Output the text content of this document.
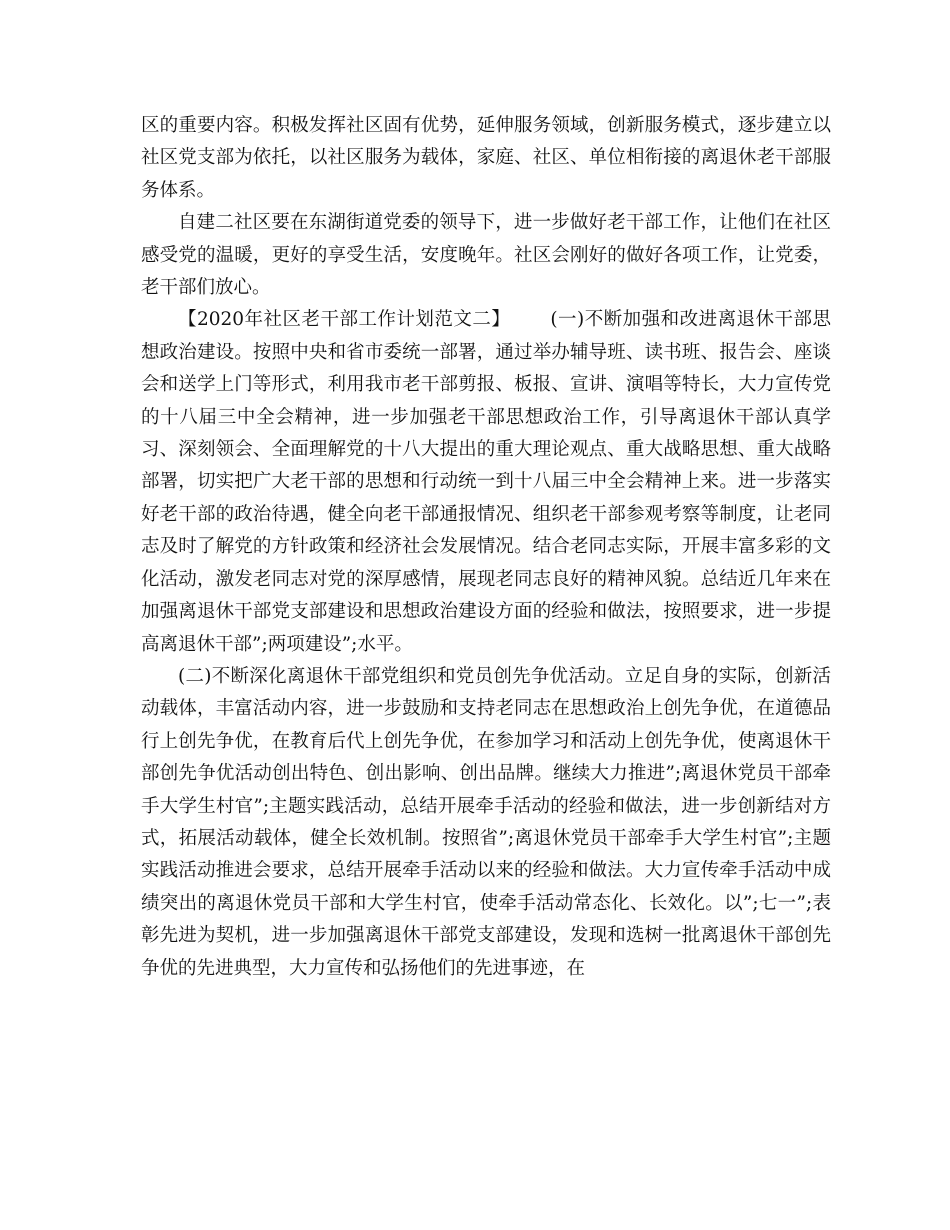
区的重要内容。积极发挥社区固有优势，延伸服务领域，创新服务模式，逐步建立以社区党支部为依托，以社区服务为载体，家庭、社区、单位相衔接的离退休老干部服务体系。

自建二社区要在东湖街道党委的领导下，进一步做好老干部工作，让他们在社区感受党的温暖，更好的享受生活，安度晚年。社区会刚好的做好各项工作，让党委，老干部们放心。

【2020年社区老干部工作计划范文二】 (一)不断加强和改进离退休干部思想政治建设。按照中央和省市委统一部署，通过举办辅导班、读书班、报告会、座谈会和送学上门等形式，利用我市老干部剪报、板报、宣讲、演唱等特长，大力宣传党的十八届三中全会精神，进一步加强老干部思想政治工作，引导离退休干部认真学习、深刻领会、全面理解党的十八大提出的重大理论观点、重大战略思想、重大战略部署，切实把广大老干部的思想和行动统一到十八届三中全会精神上来。进一步落实好老干部的政治待遇，健全向老干部通报情况、组织老干部参观考察等制度，让老同志及时了解党的方针政策和经济社会发展情况。结合老同志实际，开展丰富多彩的文化活动，激发老同志对党的深厚感情，展现老同志良好的精神风貌。总结近几年来在加强离退休干部党支部建设和思想政治建设方面的经验和做法，按照要求，进一步提高离退休干部”;两项建设”;水平。

(二)不断深化离退休干部党组织和党员创先争优活动。立足自身的实际，创新活动载体，丰富活动内容，进一步鼓励和支持老同志在思想政治上创先争优，在道德品行上创先争优，在教育后代上创先争优，在参加学习和活动上创先争优，使离退休干部创先争优活动创出特色、创出影响、创出品牌。继续大力推进”;离退休党员干部牵手大学生村官”;主题实践活动，总结开展牵手活动的经验和做法，进一步创新结对方式，拓展活动载体，健全长效机制。按照省”;离退休党员干部牵手大学生村官”;主题实践活动推进会要求，总结开展牵手活动以来的经验和做法。大力宣传牵手活动中成绩突出的离退休党员干部和大学生村官，使牵手活动常态化、长效化。以”;七一”;表彰先进为契机，进一步加强离退休干部党支部建设，发现和选树一批离退休干部创先争优的先进典型，大力宣传和弘扬他们的先进事迹，在
